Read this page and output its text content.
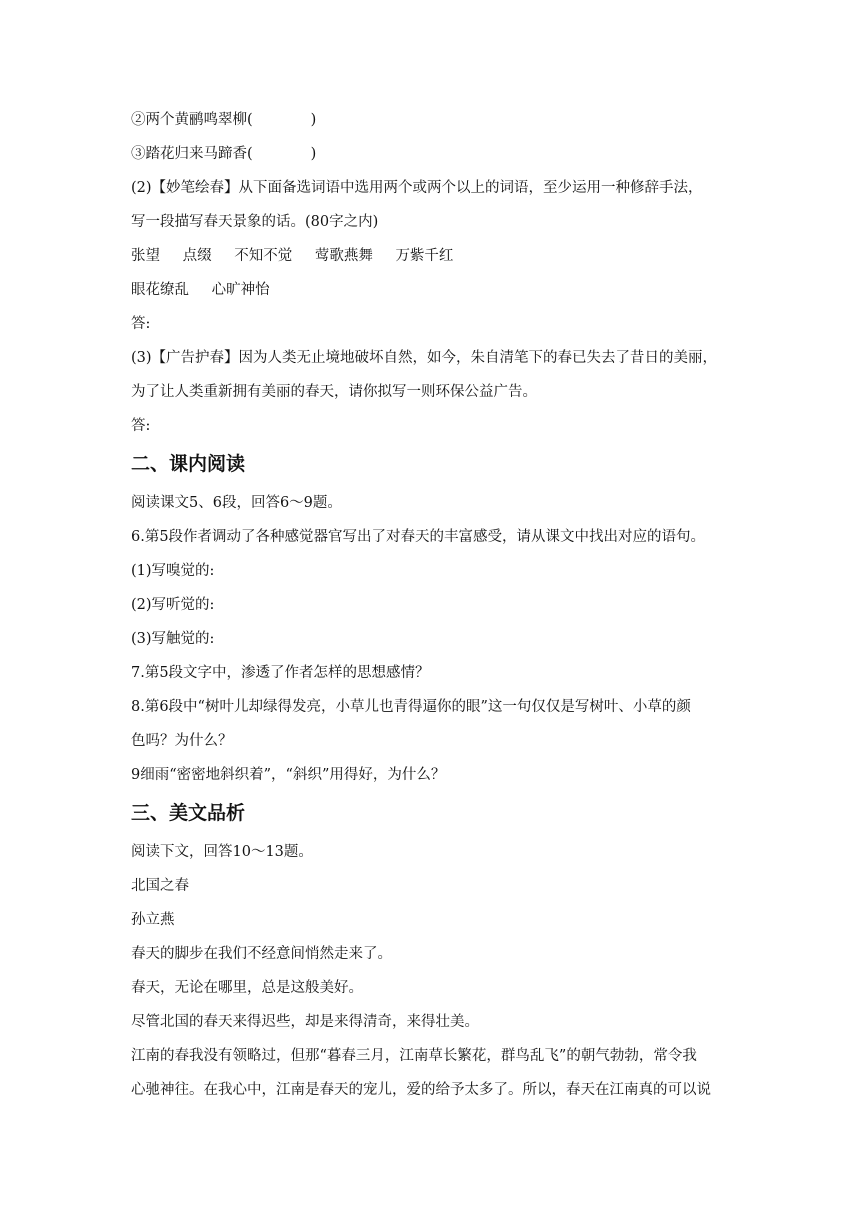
②两个黄鹂鸣翠柳(　　　　)
③踏花归来马蹄香(　　　　)
(2)【妙笔绘春】从下面备选词语中选用两个或两个以上的词语，至少运用一种修辞手法，
写一段描写春天景象的话。(80字之内)
张望 点缀 不知不觉 莺歌燕舞 万紫千红
眼花缭乱 心旷神怡
答:
(3)【广告护春】因为人类无止境地破坏自然，如今，朱自清笔下的春已失去了昔日的美丽，
为了让人类重新拥有美丽的春天，请你拟写一则环保公益广告。
答:
二、课内阅读
阅读课文5、6段，回答6～9题。
6.第5段作者调动了各种感觉器官写出了对春天的丰富感受，请从课文中找出对应的语句。
(1)写嗅觉的:
(2)写听觉的:
(3)写触觉的:
7.第5段文字中，渗透了作者怎样的思想感情？
8.第6段中“树叶儿却绿得发亮，小草儿也青得逼你的眼”这一句仅仅是写树叶、小草的颜
色吗？为什么？
9细雨“密密地斜织着”，“斜织”用得好，为什么？
三、美文品析
阅读下文，回答10～13题。
北国之春
孙立燕
春天的脚步在我们不经意间悄然走来了。
春天，无论在哪里，总是这般美好。
尽管北国的春天来得迟些，却是来得清奇，来得壮美。
江南的春我没有领略过，但那“暮春三月，江南草长繁花，群鸟乱飞”的朝气勃勃，常令我
心驰神往。在我心中，江南是春天的宠儿，爱的给予太多了。所以，春天在江南真的可以说
